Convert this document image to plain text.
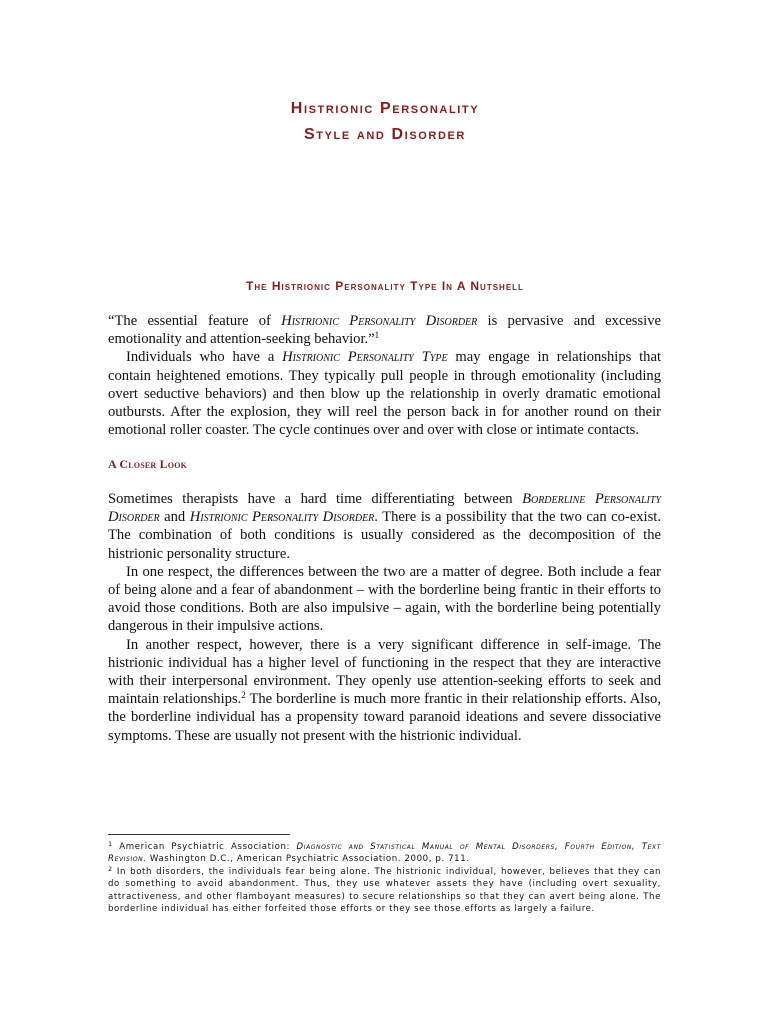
Histrionic Personality
Style and Disorder
The Histrionic Personality Type In A Nutshell

“The essential feature of Histrionic Personality Disorder is pervasive and excessive emotionality and attention-seeking behavior.”$^1$

Individuals who have a Histrionic Personality Type may engage in relationships that contain heightened emotions. They typically pull people in through emotionality (including overt seductive behaviors) and then blow up the relationship in overly dramatic emotional outbursts. After the explosion, they will reel the person back in for another round on their emotional roller coaster. The cycle continues over and over with close or intimate contacts.

A Closer Look

Sometimes therapists have a hard time differentiating between Borderline Personality Disorder and Histrionic Personality Disorder. There is a possibility that the two can co-exist. The combination of both conditions is usually considered as the decomposition of the histrionic personality structure.

In one respect, the differences between the two are a matter of degree. Both include a fear of being alone and a fear of abandonment – with the borderline being frantic in their efforts to avoid those conditions. Both are also impulsive – again, with the borderline being potentially dangerous in their impulsive actions.

In another respect, however, there is a very significant difference in self-image. The histrionic individual has a higher level of functioning in the respect that they are interactive with their interpersonal environment. They openly use attention-seeking efforts to seek and maintain relationships.$^2$ The borderline is much more frantic in their relationship efforts. Also, the borderline individual has a propensity toward paranoid ideations and severe dissociative symptoms. These are usually not present with the histrionic individual.

$^1$ American Psychiatric Association: Diagnostic and Statistical Manual of Mental Disorders, Fourth Edition, Text Revision. Washington D.C., American Psychiatric Association. 2000, p. 711.

$^2$ In both disorders, the individuals fear being alone. The histrionic individual, however, believes that they can do something to avoid abandonment. Thus, they use whatever assets they have (including overt sexuality, attractiveness, and other flamboyant measures) to secure relationships so that they can avert being alone. The borderline individual has either forfeited those efforts or they see those efforts as largely a failure.
